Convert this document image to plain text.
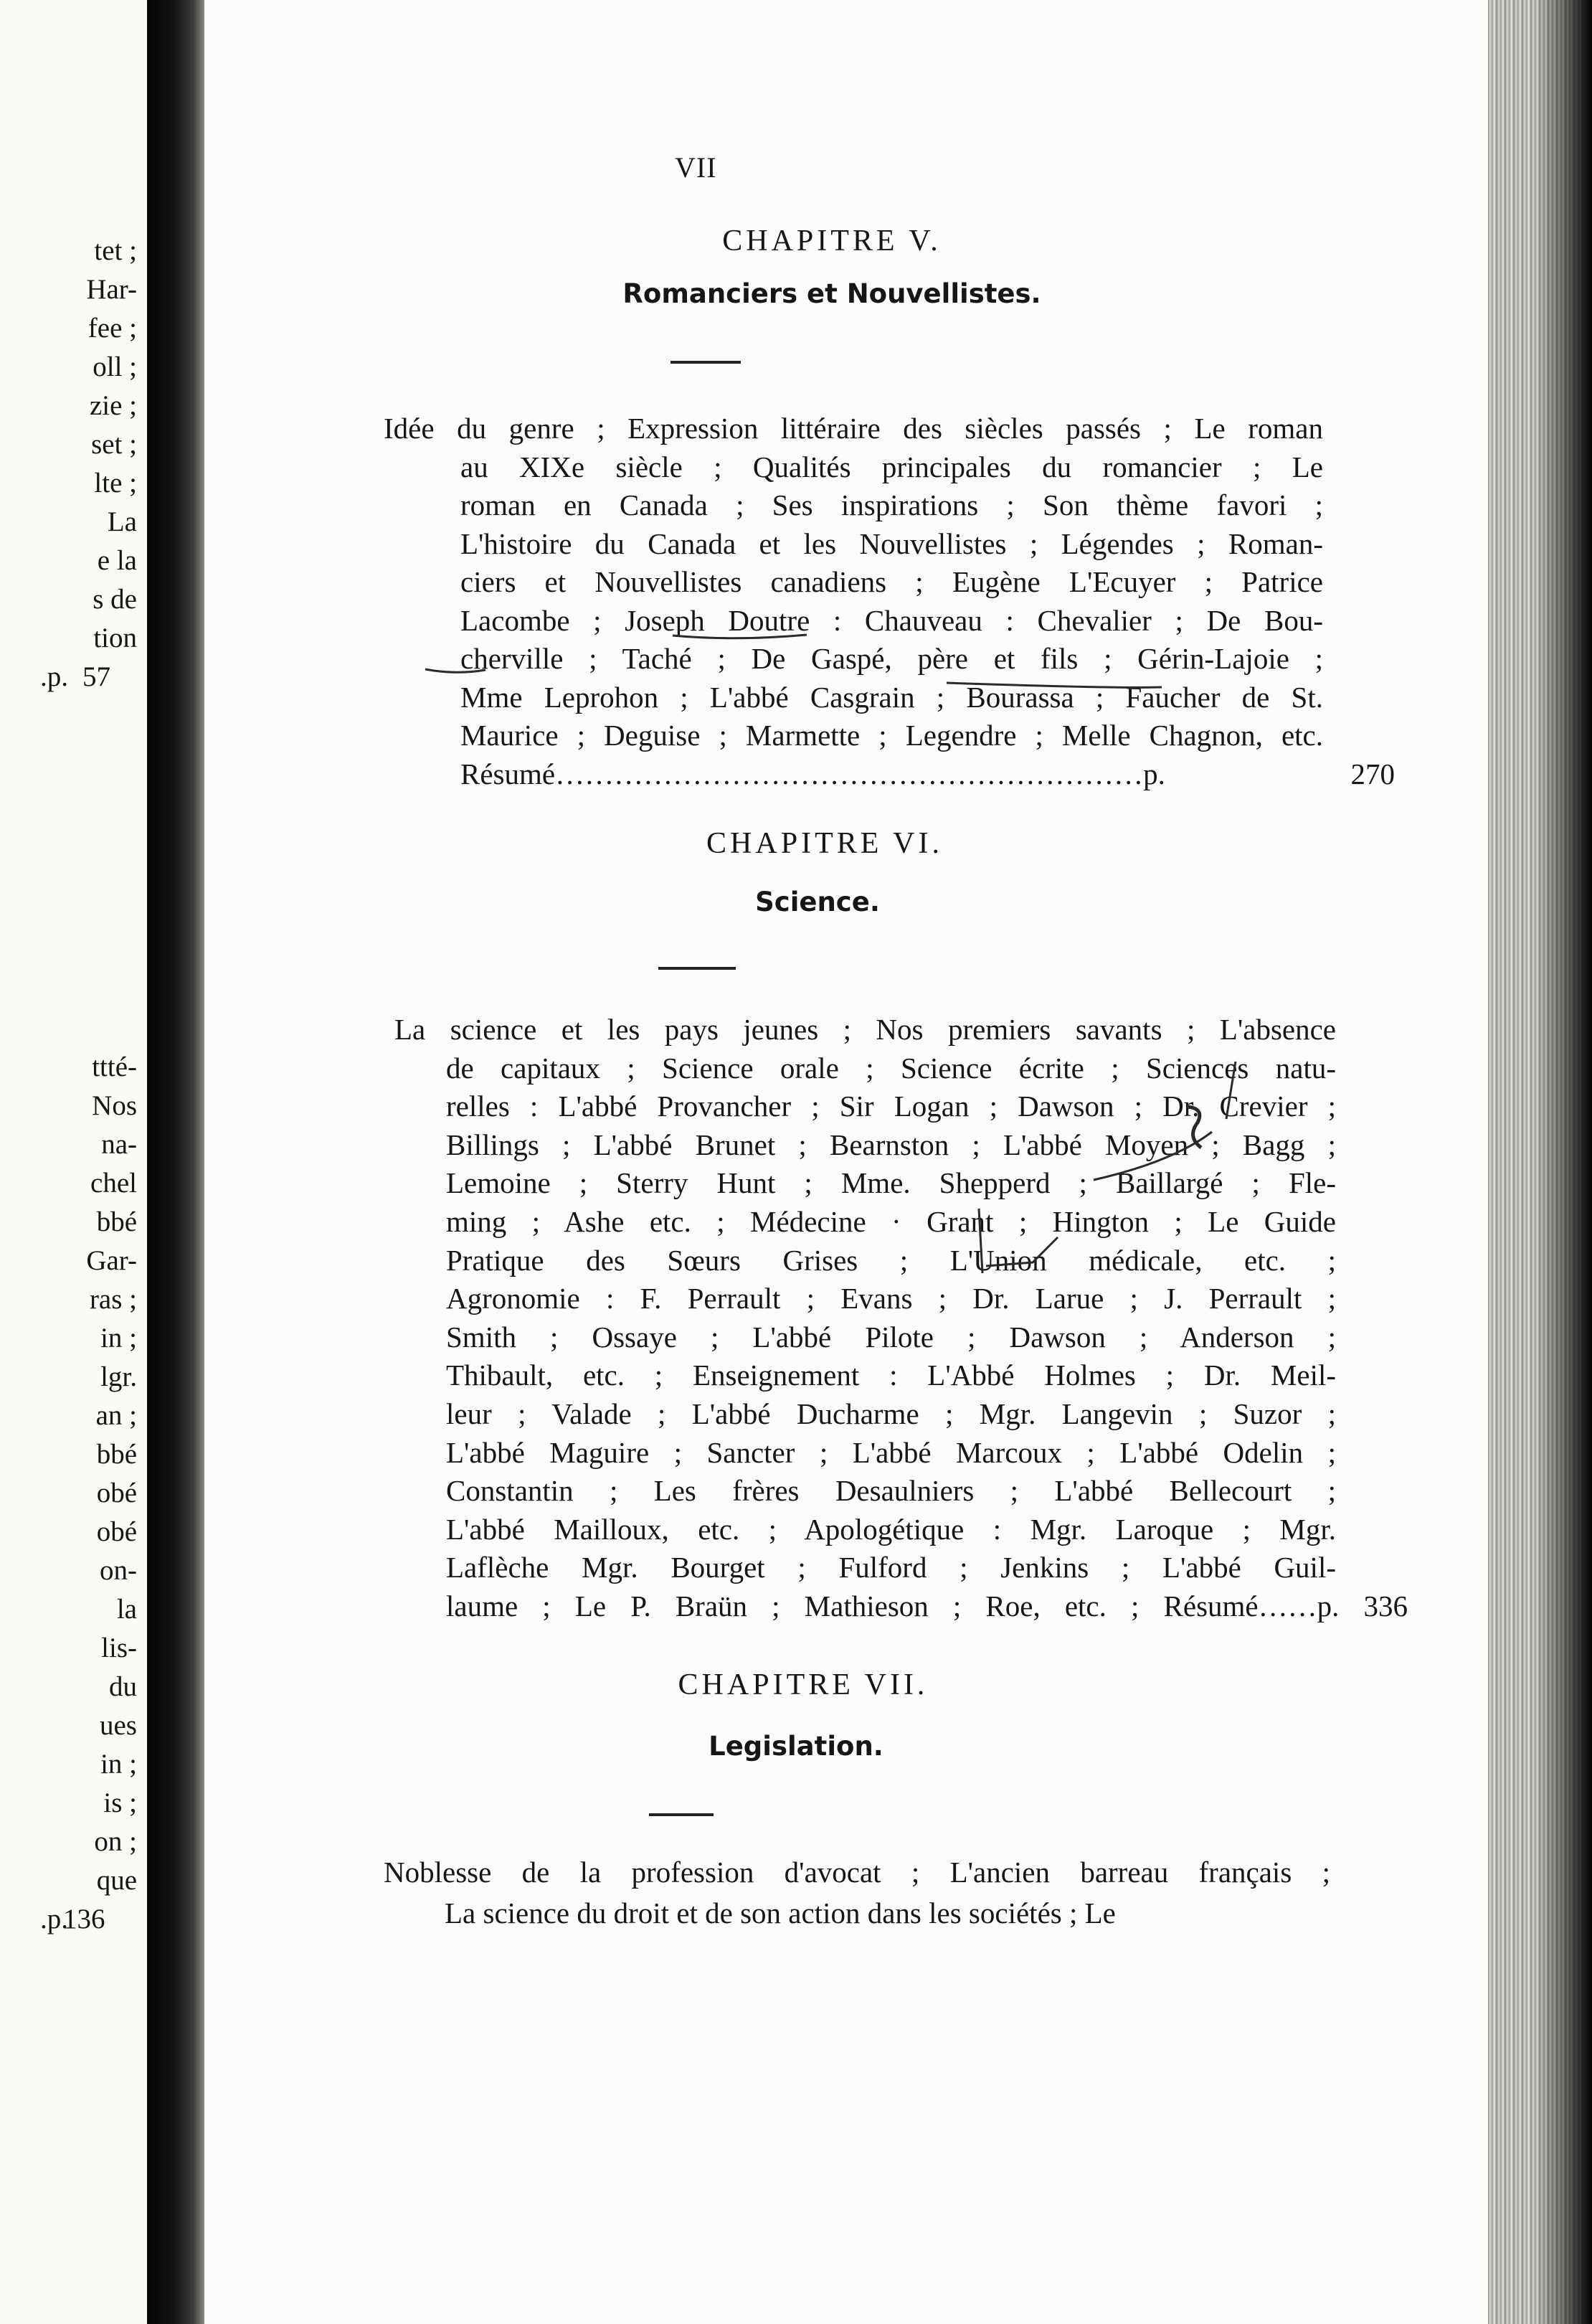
tet ;
Har-
fee ;
oll ;
zie ;
set ;
lte ;
La
e la
s de
tion
.p.
ttté-
Nos
na-
chel
bbé
Gar-
ras ;
in ;
lgr.
an ;
bbé
obé
obé
on-
la
lis-
du
ues
in ;
is ;
on ;
que
.p.
57
136
VII
CHAPITRE V.
Romanciers et Nouvellistes.
Idée du genre ; Expression littéraire des siècles passés ; Le roman
au XIXe siècle ; Qualités principales du romancier ; Le
roman en Canada ; Ses inspirations ; Son thème favori ;
L'histoire du Canada et les Nouvellistes ; Légendes ; Roman-
ciers et Nouvellistes canadiens ; Eugène L'Ecuyer ; Patrice
Lacombe ; Joseph Doutre : Chauveau : Chevalier ; De Bou-
cherville ; Taché ; De Gaspé, père et fils ; Gérin-Lajoie ;
Mme Leprohon ; L'abbé Casgrain ; Bourassa ; Faucher de St.
Maurice ; Deguise ; Marmette ; Legendre ; Melle Chagnon, etc.
Résumé……………………………………………………p. 270
CHAPITRE VI.
Science.
La science et les pays jeunes ; Nos premiers savants ; L'absence
de capitaux ; Science orale ; Science écrite ; Sciences natu-
relles : L'abbé Provancher ; Sir Logan ; Dawson ; Dr. Crevier ;
Billings ; L'abbé Brunet ; Bearnston ; L'abbé Moyen ; Bagg ;
Lemoine ; Sterry Hunt ; Mme. Shepperd ; Baillargé ; Fle-
ming ; Ashe etc. ; Médecine · Grant ; Hington ; Le Guide
Pratique des Sœurs Grises ; L'Union médicale, etc. ;
Agronomie : F. Perrault ; Evans ; Dr. Larue ; J. Perrault ;
Smith ; Ossaye ; L'abbé Pilote ; Dawson ; Anderson ;
Thibault, etc. ; Enseignement : L'Abbé Holmes ; Dr. Meil-
leur ; Valade ; L'abbé Ducharme ; Mgr. Langevin ; Suzor ;
L'abbé Maguire ; Sancter ; L'abbé Marcoux ; L'abbé Odelin ;
Constantin ; Les frères Desaulniers ; L'abbé Bellecourt ;
L'abbé Mailloux, etc. ; Apologétique : Mgr. Laroque ; Mgr.
Laflèche Mgr. Bourget ; Fulford ; Jenkins ; L'abbé Guil-
laume ; Le P. Braün ; Mathieson ; Roe, etc. ; Résumé……p. 336
CHAPITRE VII.
Legislation.
Noblesse de la profession d'avocat ; L'ancien barreau français ;
La science du droit et de son action dans les sociétés ; Le
